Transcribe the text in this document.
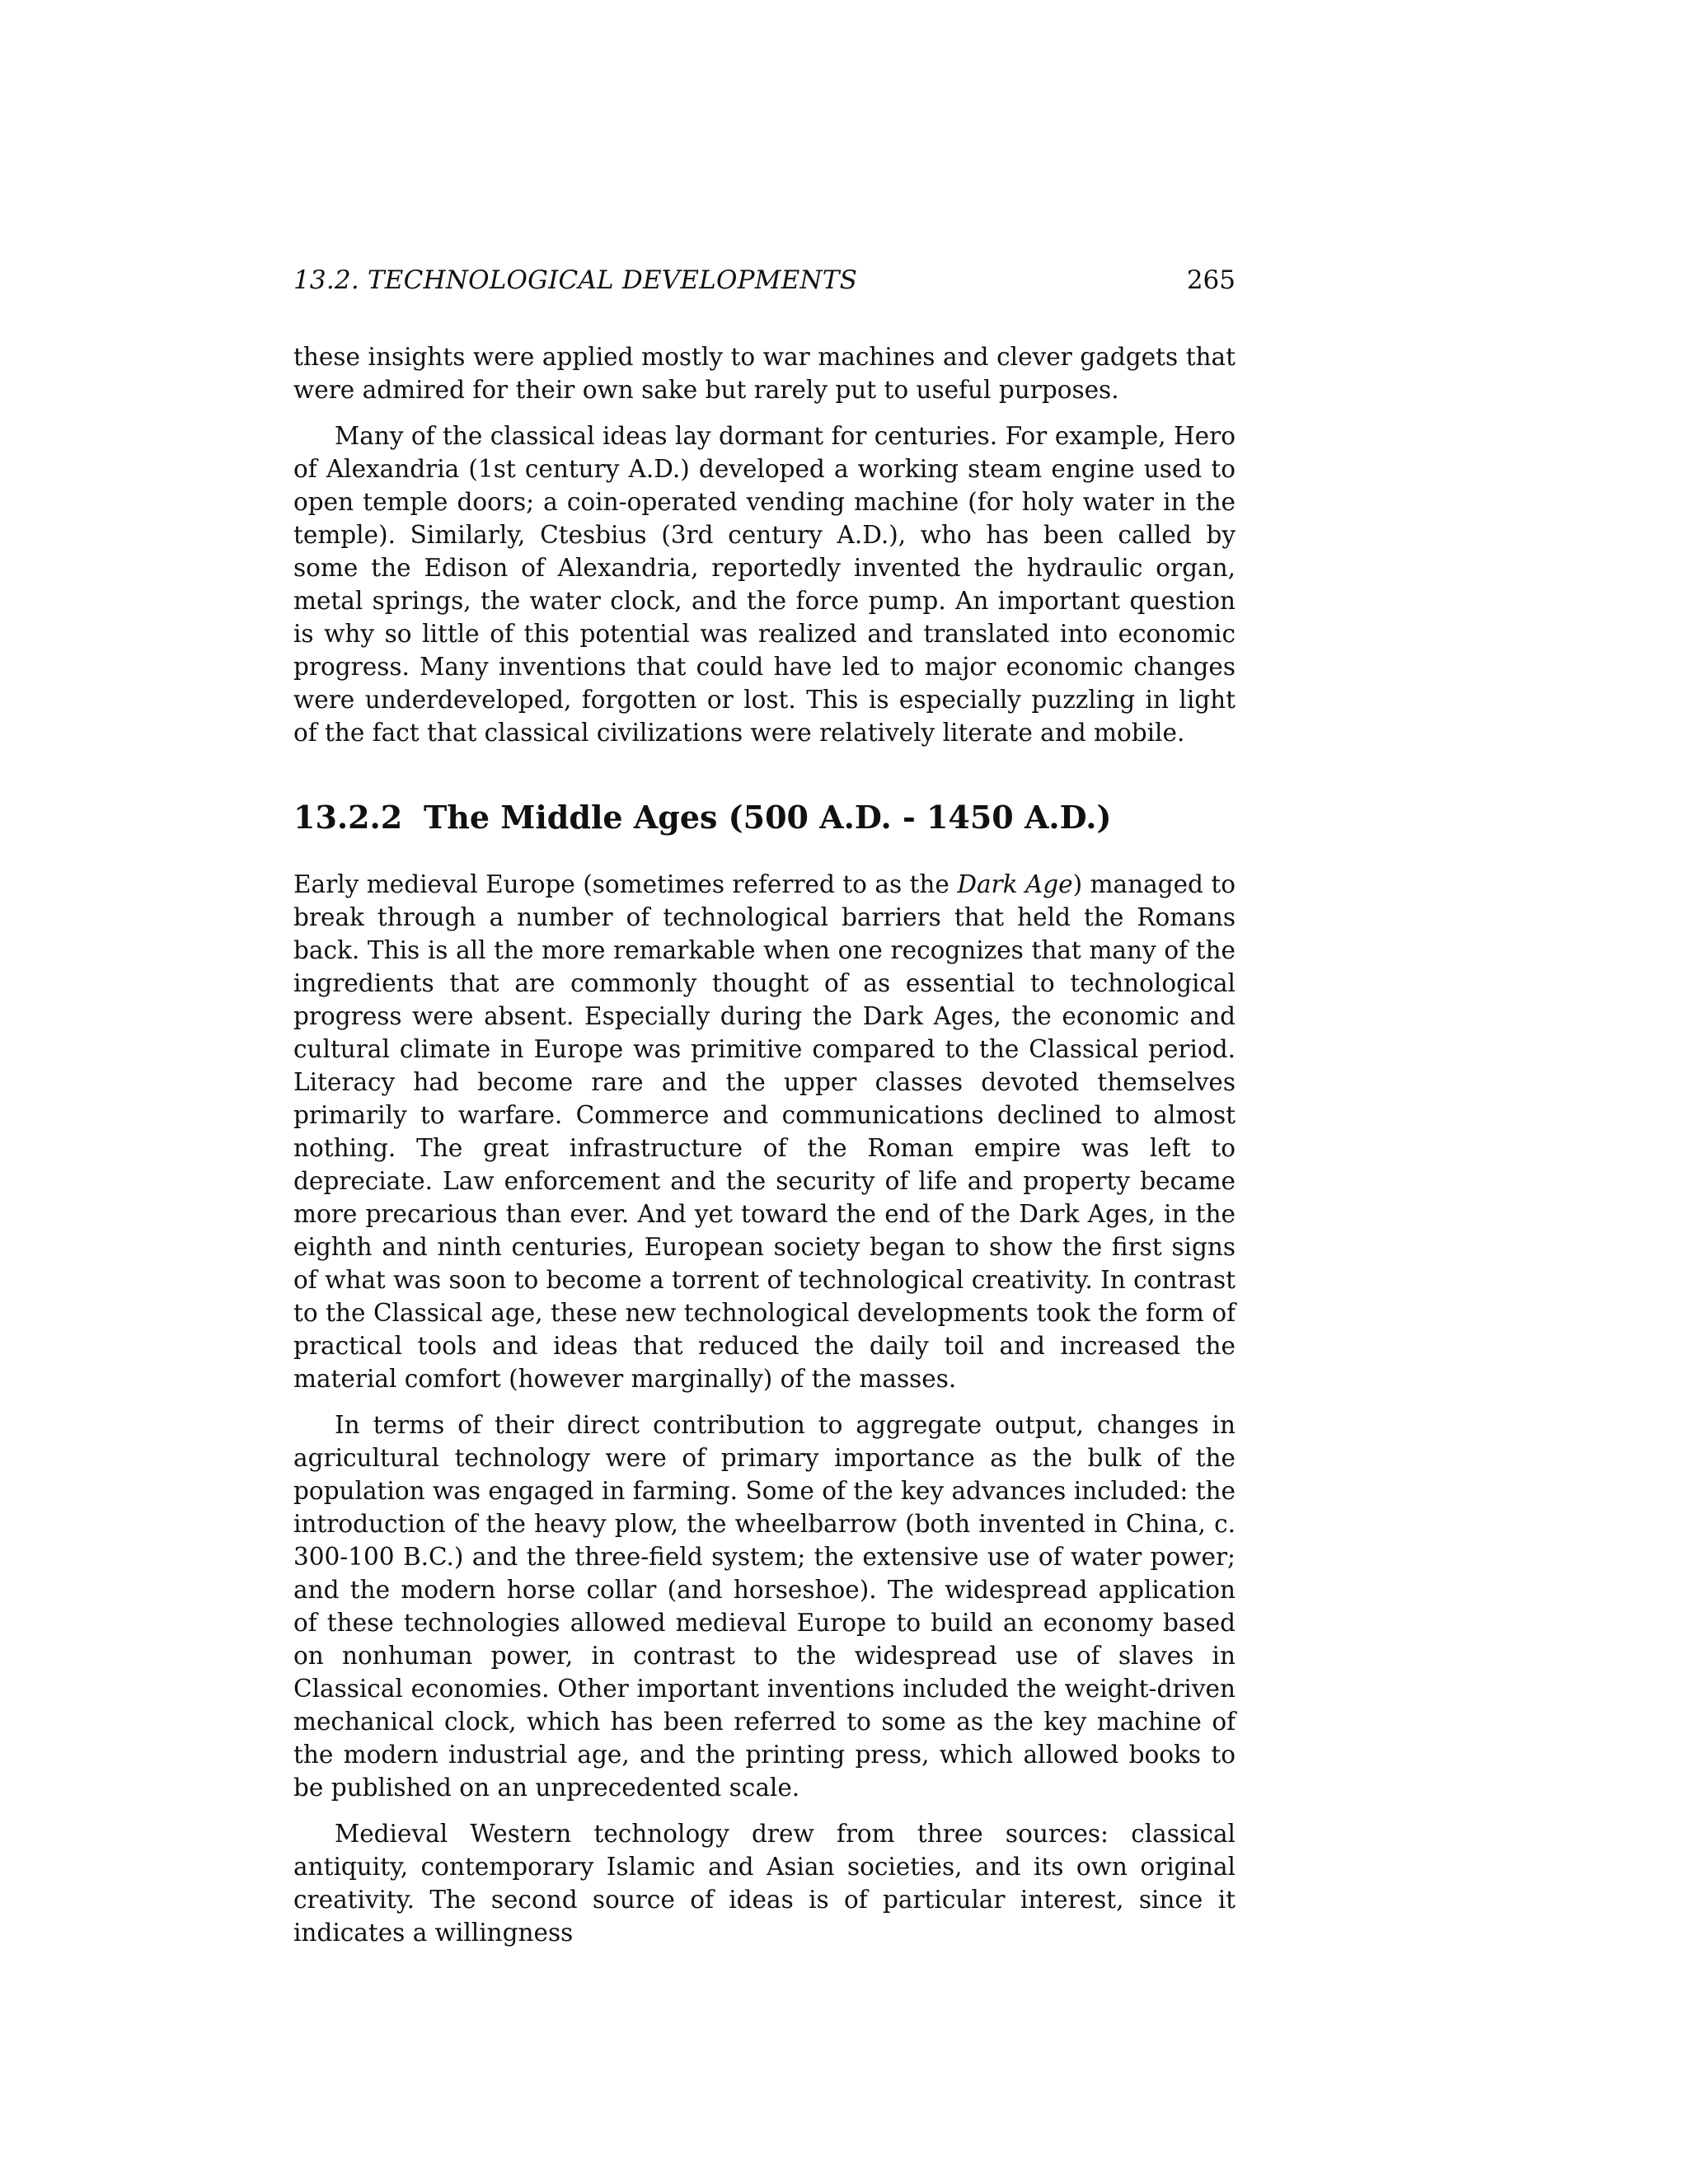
13.2. TECHNOLOGICAL DEVELOPMENTS	265

these insights were applied mostly to war machines and clever gadgets that were admired for their own sake but rarely put to useful purposes.

Many of the classical ideas lay dormant for centuries. For example, Hero of Alexandria (1st century A.D.) developed a working steam engine used to open temple doors; a coin-operated vending machine (for holy water in the temple). Similarly, Ctesbius (3rd century A.D.), who has been called by some the Edison of Alexandria, reportedly invented the hydraulic organ, metal springs, the water clock, and the force pump. An important question is why so little of this potential was realized and translated into economic progress. Many inventions that could have led to major economic changes were underdeveloped, forgotten or lost. This is especially puzzling in light of the fact that classical civilizations were relatively literate and mobile.

13.2.2 The Middle Ages (500 A.D. - 1450 A.D.)

Early medieval Europe (sometimes referred to as the Dark Age) managed to break through a number of technological barriers that held the Romans back. This is all the more remarkable when one recognizes that many of the ingredients that are commonly thought of as essential to technological progress were absent. Especially during the Dark Ages, the economic and cultural climate in Europe was primitive compared to the Classical period. Literacy had become rare and the upper classes devoted themselves primarily to warfare. Commerce and communications declined to almost nothing. The great infrastructure of the Roman empire was left to depreciate. Law enforcement and the security of life and property became more precarious than ever. And yet toward the end of the Dark Ages, in the eighth and ninth centuries, European society began to show the first signs of what was soon to become a torrent of technological creativity. In contrast to the Classical age, these new technological developments took the form of practical tools and ideas that reduced the daily toil and increased the material comfort (however marginally) of the masses.

In terms of their direct contribution to aggregate output, changes in agricultural technology were of primary importance as the bulk of the population was engaged in farming. Some of the key advances included: the introduction of the heavy plow, the wheelbarrow (both invented in China, c. 300-100 B.C.) and the three-field system; the extensive use of water power; and the modern horse collar (and horseshoe). The widespread application of these technologies allowed medieval Europe to build an economy based on nonhuman power, in contrast to the widespread use of slaves in Classical economies. Other important inventions included the weight-driven mechanical clock, which has been referred to some as the key machine of the modern industrial age, and the printing press, which allowed books to be published on an unprecedented scale.

Medieval Western technology drew from three sources: classical antiquity, contemporary Islamic and Asian societies, and its own original creativity. The second source of ideas is of particular interest, since it indicates a willingness
